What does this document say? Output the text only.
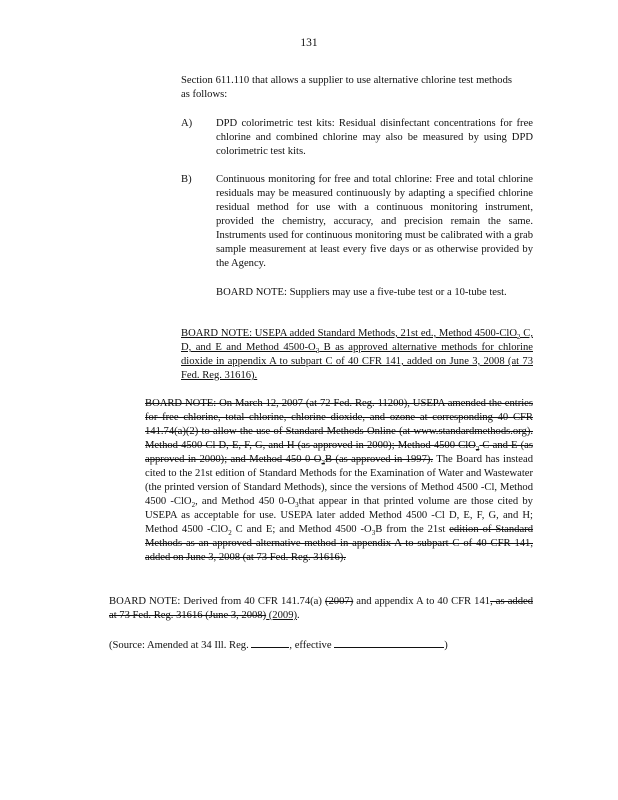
131
Section 611.110 that allows a supplier to use alternative chlorine test methods as follows:
A) DPD colorimetric test kits: Residual disinfectant concentrations for free chlorine and combined chlorine may also be measured by using DPD colorimetric test kits.
B) Continuous monitoring for free and total chlorine: Free and total chlorine residuals may be measured continuously by adapting a specified chlorine residual method for use with a continuous monitoring instrument, provided the chemistry, accuracy, and precision remain the same. Instruments used for continuous monitoring must be calibrated with a grab sample measurement at least every five days or as otherwise provided by the Agency.
BOARD NOTE: Suppliers may use a five-tube test or a 10-tube test.
BOARD NOTE: USEPA added Standard Methods, 21st ed., Method 4500-ClO$_2$ C, D, and E and Method $4500-O_3$ B as approved alternative methods for chlorine dioxide in appendix A to subpart C of 40 CFR 141, added on June 3, 2008 (at 73 Fed. Reg. 31616).
BOARD NOTE: On March 12, 2007 (at 72 Fed. Reg. 11200), USEPA amended the entries for free chlorine, total chlorine, chlorine dioxide, and ozone at corresponding 40 CFR 141.74(a)(2) to allow the use of Standard Methods Online (at www.standardmethods.org). Method 4500 Cl D, E, F, G, and H (as approved in 2000); Method 4500 ClO$_2$ C and E (as approved in 2000); and Method 450 $0-O_3B$ (as approved in 1997). The Board has instead cited to the 21st edition of Standard Methods for the Examination of Water and Wastewater (the printed version of Standard Methods), since the versions of Method 4500 -Cl, Method 4500 -ClO$_2$, and Method 450 $0-O_3that$ appear in that printed volume are those cited by USEPA as acceptable for use. USEPA later added Method 4500 -Cl D, E, F, G, and H; Method 4500 -ClO$_2$ C and E; and Method 4500 $-O_3B$ from the 21st edition of Standard Methods as an approved alternative method in appendix A to subpart C of 40 CFR 141, added on June 3, 2008 (at 73 Fed. Reg. 31616).
BOARD NOTE: Derived from 40 CFR 141.74(a) (2007) and appendix A to 40 CFR 141, as added at 73 Fed. Reg. 31616 (June 3, 2008) (2009).
(Source: Amended at 34 Ill. Reg.	, effective	)
